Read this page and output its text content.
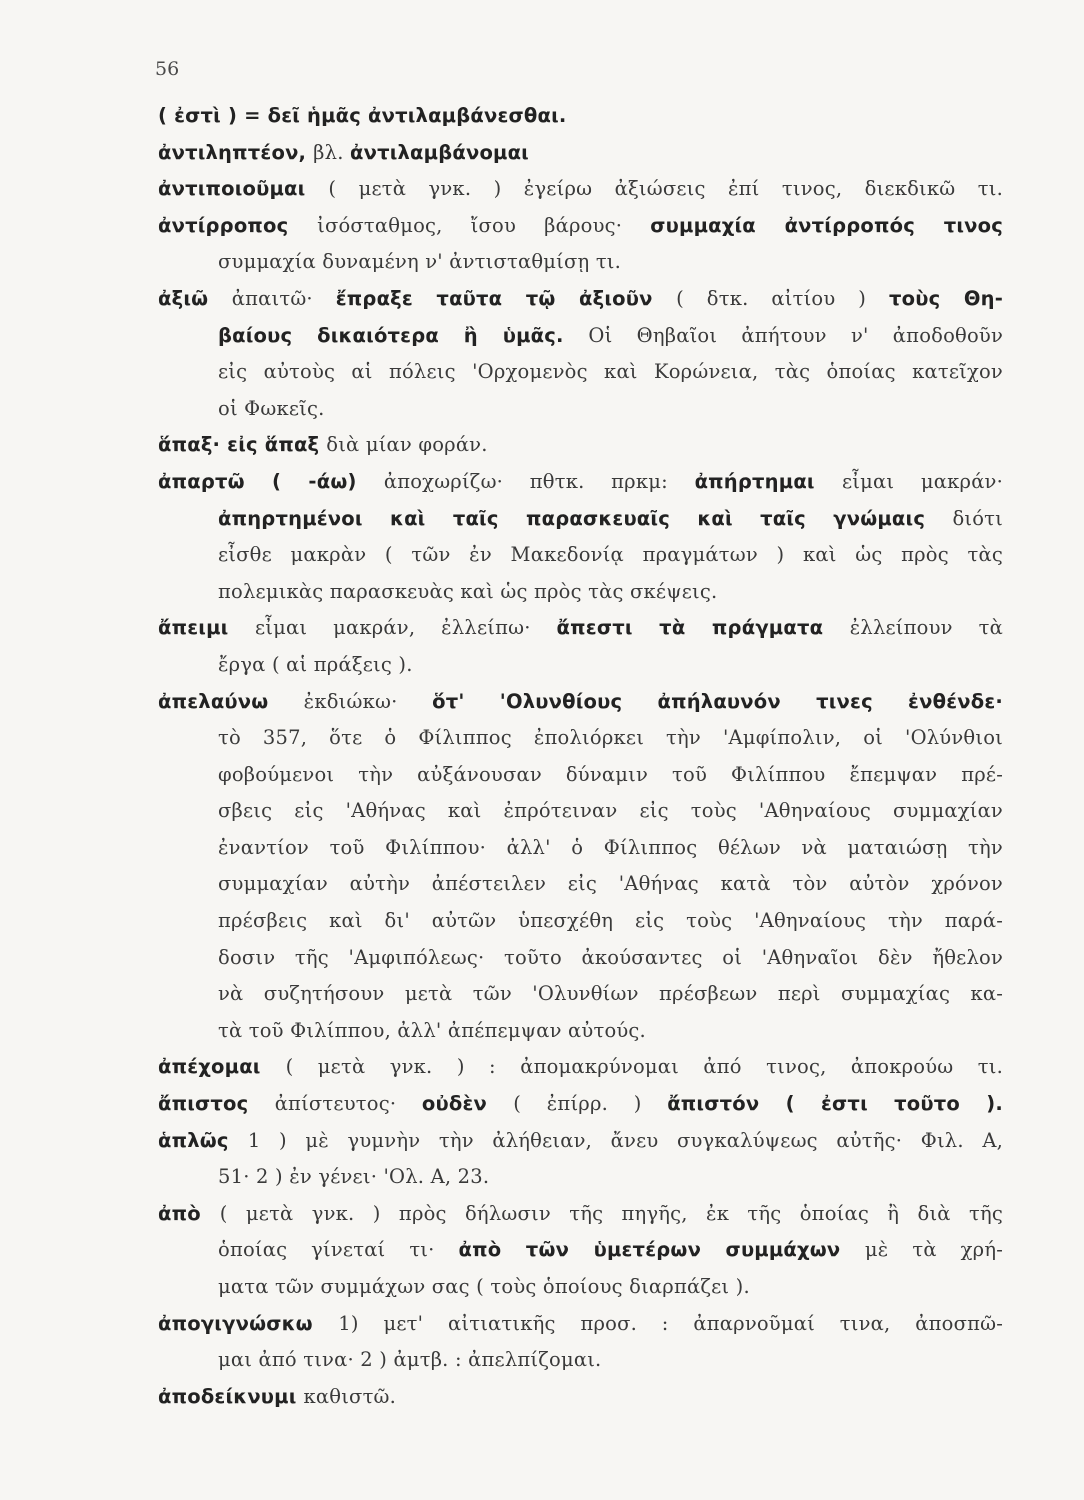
56
( ἐστὶ ) = δεῖ ἡμᾶς ἀντιλαμβάνεσθαι.
ἀντιληπτέον, βλ. ἀντιλαμβάνομαι
ἀντιποιοῦμαι ( μετὰ γνκ. ) ἐγείρω ἀξιώσεις ἐπί τινος, διεκδικῶ τι.
ἀντίρροπος ἰσόσταθμος, ἴσου βάρους· συμμαχία ἀντίρροπός τινος
συμμαχία δυναμένη ν' ἀντισταθμίσῃ τι.
ἀξιῶ ἀπαιτῶ· ἔπραξε ταῦτα τῷ ἀξιοῦν ( δτκ. αἰτίου ) τοὺς Θη-
βαίους δικαιότερα ἢ ὑμᾶς. Οἱ Θηβαῖοι ἀπήτουν ν' ἀποδοθοῦν
εἰς αὐτοὺς αἱ πόλεις 'Ορχομενὸς καὶ Κορώνεια, τὰς ὁποίας κατεῖχον
οἱ Φωκεῖς.
ἅπαξ· εἰς ἅπαξ διὰ μίαν φοράν.
ἀπαρτῶ ( -άω) ἀποχωρίζω· πθτκ. πρκμ: ἀπήρτημαι εἶμαι μακράν·
ἀπηρτημένοι καὶ ταῖς παρασκευαῖς καὶ ταῖς γνώμαις διότι
εἶσθε μακρὰν ( τῶν ἐν Μακεδονίᾳ πραγμάτων ) καὶ ὡς πρὸς τὰς
πολεμικὰς παρασκευὰς καὶ ὡς πρὸς τὰς σκέψεις.
ἄπειμι εἶμαι μακράν, ἐλλείπω· ἄπεστι τὰ πράγματα ἐλλείπουν τὰ
ἔργα ( αἱ πράξεις ).
ἀπελαύνω ἐκδιώκω· ὅτ' 'Ολυνθίους ἀπήλαυνόν τινες ἐνθένδε·
τὸ 357, ὅτε ὁ Φίλιππος ἐπολιόρκει τὴν 'Αμφίπολιν, οἱ 'Ολύνθιοι
φοβούμενοι τὴν αὐξάνουσαν δύναμιν τοῦ Φιλίππου ἔπεμψαν πρέ-
σβεις εἰς 'Αθήνας καὶ ἐπρότειναν εἰς τοὺς 'Αθηναίους συμμαχίαν
ἐναντίον τοῦ Φιλίππου· ἀλλ' ὁ Φίλιππος θέλων νὰ ματαιώσῃ τὴν
συμμαχίαν αὐτὴν ἀπέστειλεν εἰς 'Αθήνας κατὰ τὸν αὐτὸν χρόνον
πρέσβεις καὶ δι' αὐτῶν ὑπεσχέθη εἰς τοὺς 'Αθηναίους τὴν παρά-
δοσιν τῆς 'Αμφιπόλεως· τοῦτο ἀκούσαντες οἱ 'Αθηναῖοι δὲν ἤθελον
νὰ συζητήσουν μετὰ τῶν 'Ολυνθίων πρέσβεων περὶ συμμαχίας κα-
τὰ τοῦ Φιλίππου, ἀλλ' ἀπέπεμψαν αὐτούς.
ἀπέχομαι ( μετὰ γνκ. ) : ἀπομακρύνομαι ἀπό τινος, ἀποκρούω τι.
ἄπιστος ἀπίστευτος· οὐδὲν ( ἐπίρρ. ) ἄπιστόν ( ἐστι τοῦτο ).
ἁπλῶς 1 ) μὲ γυμνὴν τὴν ἀλήθειαν, ἄνευ συγκαλύψεως αὐτῆς· Φιλ. Α,
51· 2 ) ἐν γένει· 'Ολ. Α, 23.
ἀπὸ ( μετὰ γνκ. ) πρὸς δήλωσιν τῆς πηγῆς, ἐκ τῆς ὁποίας ἢ διὰ τῆς
ὁποίας γίνεταί τι· ἀπὸ τῶν ὑμετέρων συμμάχων μὲ τὰ χρή-
ματα τῶν συμμάχων σας ( τοὺς ὁποίους διαρπάζει ).
ἀπογιγνώσκω 1) μετ' αἰτιατικῆς προσ. : ἀπαρνοῦμαί τινα, ἀποσπῶ-
μαι ἀπό τινα· 2 ) ἀμτβ. : ἀπελπίζομαι.
ἀποδείκνυμι καθιστῶ.
